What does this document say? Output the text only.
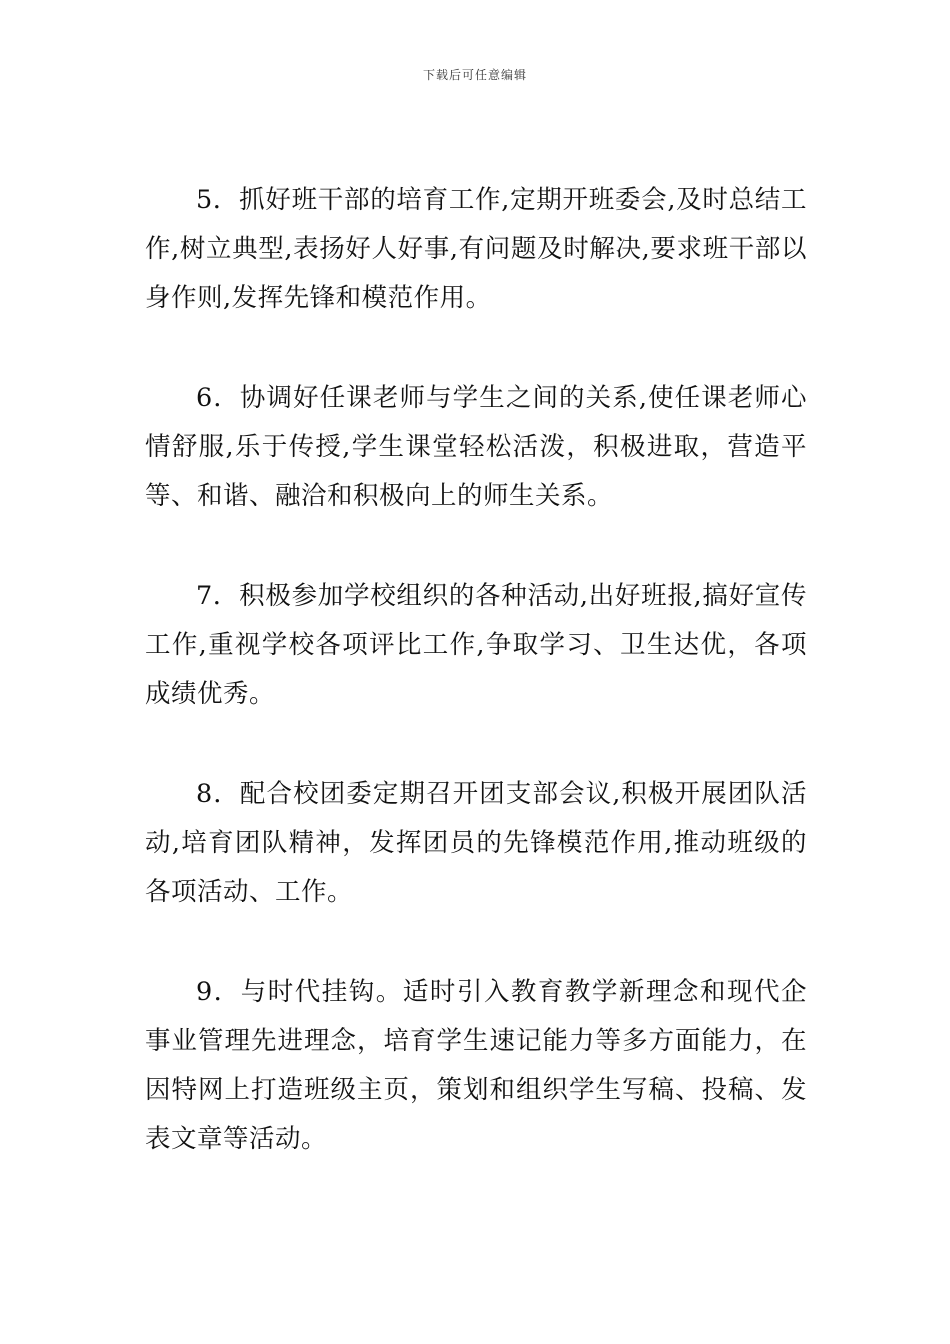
下载后可任意编辑

5．抓好班干部的培育工作,定期开班委会,及时总结工作,树立典型,表扬好人好事,有问题及时解决,要求班干部以身作则,发挥先锋和模范作用。

6．协调好任课老师与学生之间的关系,使任课老师心情舒服,乐于传授,学生课堂轻松活泼，积极进取，营造平等、和谐、融洽和积极向上的师生关系。

7．积极参加学校组织的各种活动,出好班报,搞好宣传工作,重视学校各项评比工作,争取学习、卫生达优，各项成绩优秀。

8．配合校团委定期召开团支部会议,积极开展团队活动,培育团队精神，发挥团员的先锋模范作用,推动班级的各项活动、工作。

9．与时代挂钩。适时引入教育教学新理念和现代企事业管理先进理念，培育学生速记能力等多方面能力，在因特网上打造班级主页，策划和组织学生写稿、投稿、发表文章等活动。
